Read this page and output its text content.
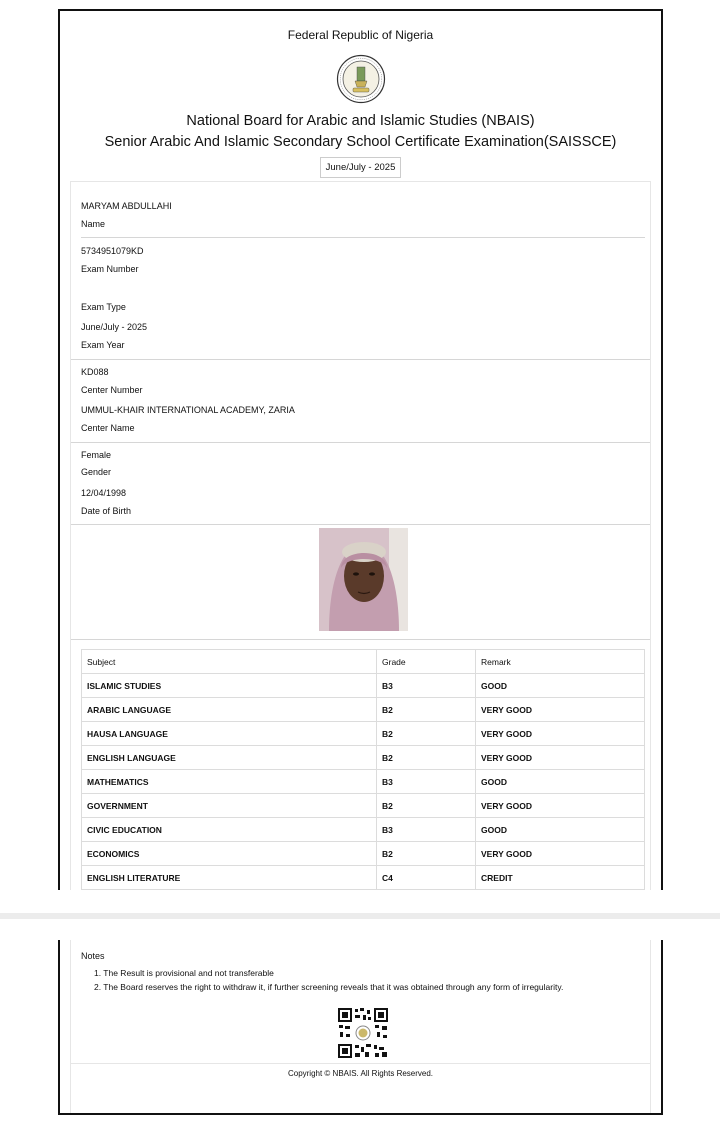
Federal Republic of Nigeria
National Board for Arabic and Islamic Studies (NBAIS)
Senior Arabic And Islamic Secondary School Certificate Examination(SAISSCE)
June/July - 2025
MARYAM ABDULLAHI
Name
5734951079KD
Exam Number
Exam Type
June/July - 2025
Exam Year
KD088
Center Number
UMMUL-KHAIR INTERNATIONAL ACADEMY, ZARIA
Center Name
Female
Gender
12/04/1998
Date of Birth
Subject	Grade	Remark
ISLAMIC STUDIES	B3	GOOD
ARABIC LANGUAGE	B2	VERY GOOD
HAUSA LANGUAGE	B2	VERY GOOD
ENGLISH LANGUAGE	B2	VERY GOOD
MATHEMATICS	B3	GOOD
GOVERNMENT	B2	VERY GOOD
CIVIC EDUCATION	B3	GOOD
ECONOMICS	B2	VERY GOOD
ENGLISH LITERATURE	C4	CREDIT
Notes
1. The Result is provisional and not transferable
2. The Board reserves the right to withdraw it, if further screening reveals that it was obtained through any form of irregularity.
Copyright © NBAIS. All Rights Reserved.
